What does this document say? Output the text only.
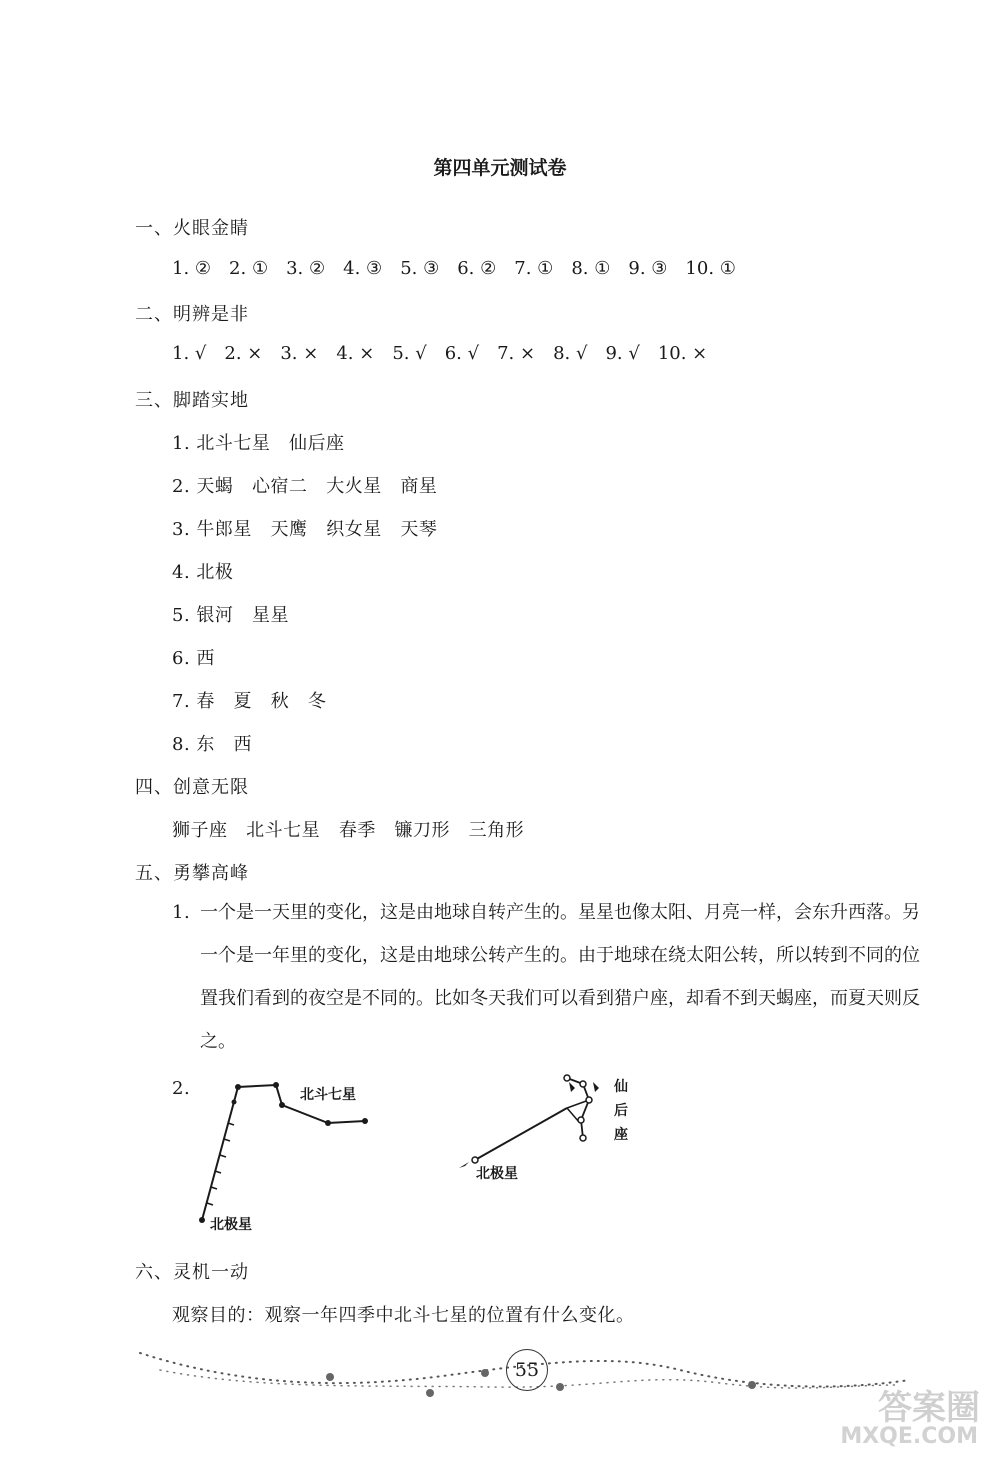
第四单元测试卷
一、火眼金睛
1. ② 2. ① 3. ② 4. ③ 5. ③ 6. ② 7. ① 8. ① 9. ③ 10. ①
二、明辨是非
1. √ 2. × 3. × 4. × 5. √ 6. √ 7. × 8. √ 9. √ 10. ×
三、脚踏实地
1. 北斗七星   仙后座
2. 天蝎   心宿二   大火星   商星
3. 牛郎星   天鹰   织女星   天琴
4. 北极
5. 银河   星星
6. 西
7. 春   夏   秋   冬
8. 东   西
四、创意无限
狮子座   北斗七星   春季   镰刀形   三角形
五、勇攀高峰
1. 一个是一天里的变化，这是由地球自转产生的。星星也像太阳、月亮一样，会东升西落。另一个是一年里的变化，这是由地球公转产生的。由于地球在绕太阳公转，所以转到不同的位置我们看到的夜空是不同的。比如冬天我们可以看到猎户座，却看不到天蝎座，而夏天则反之。
2.	北斗七星
北极星
北极星
仙后座
六、灵机一动
观察目的：观察一年四季中北斗七星的位置有什么变化。
55
答案圈
MXQE.COM
